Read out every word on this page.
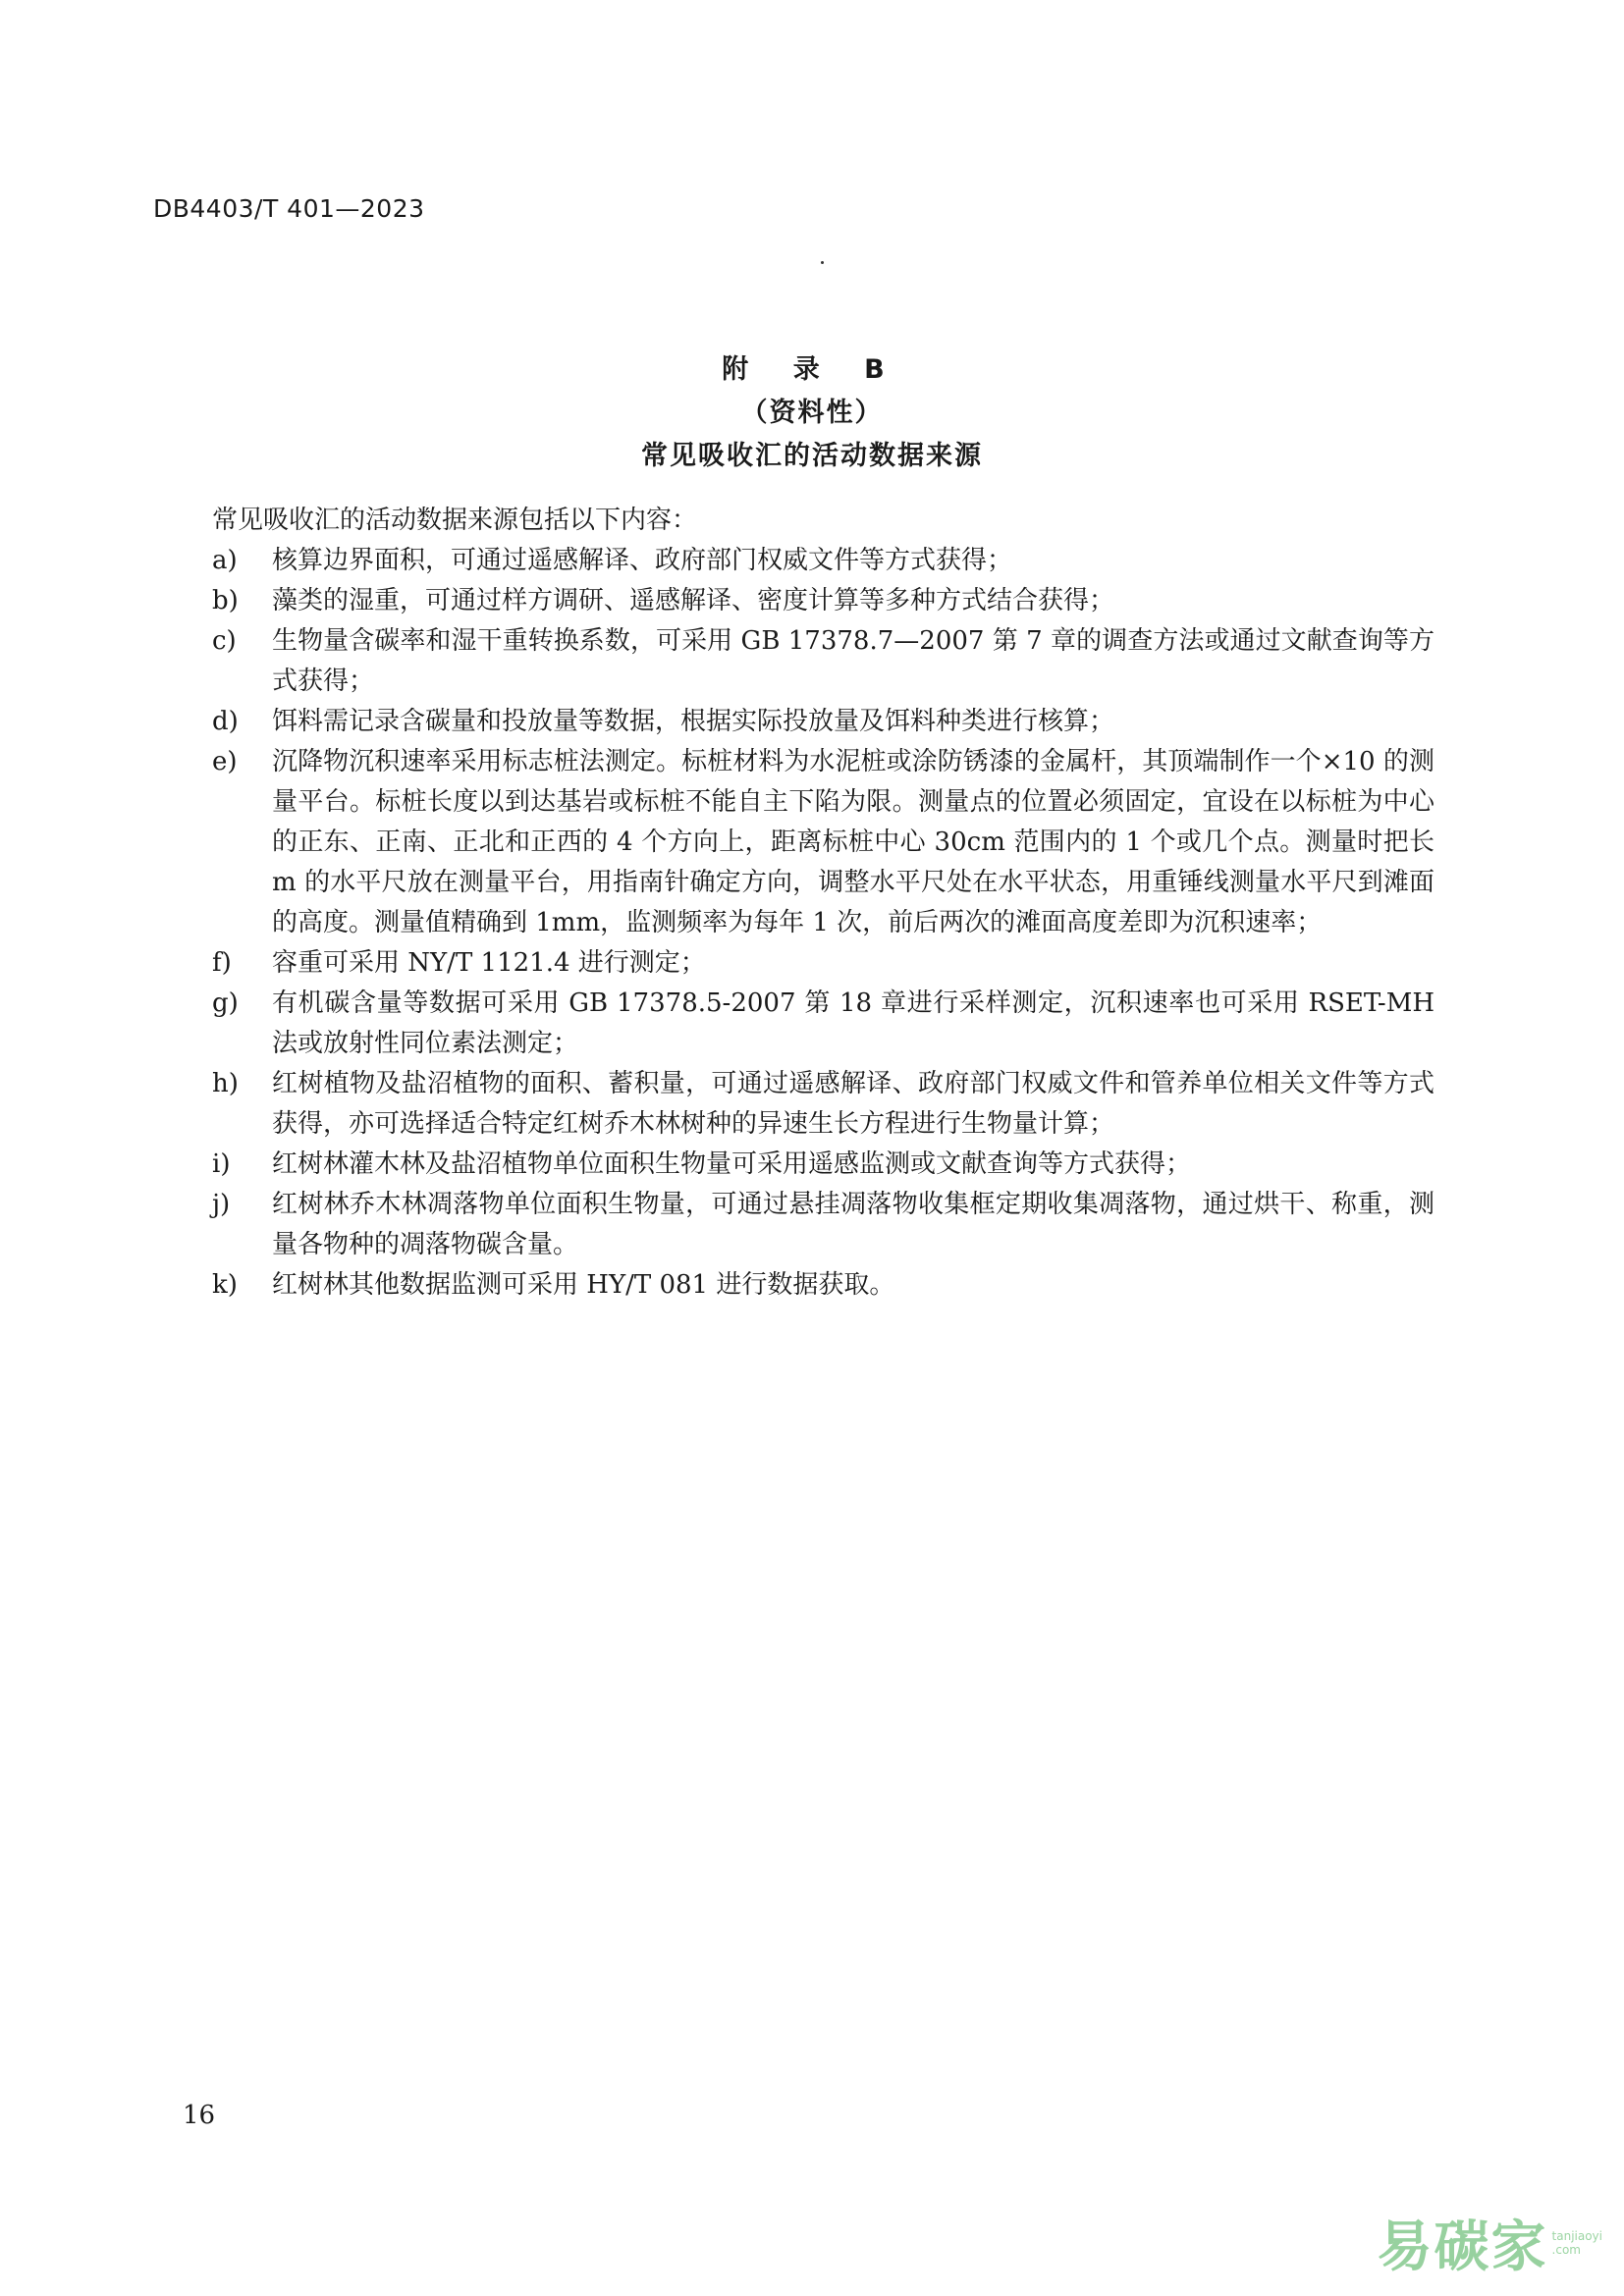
DB4403/T 401—2023
附 录 B
（资料性）
常见吸收汇的活动数据来源
常见吸收汇的活动数据来源包括以下内容：
a)	核算边界面积，可通过遥感解译、政府部门权威文件等方式获得；
b)	藻类的湿重，可通过样方调研、遥感解译、密度计算等多种方式结合获得；
c)	生物量含碳率和湿干重转换系数，可采用 GB 17378.7—2007 第 7 章的调查方法或通过文献查询等方式获得；
d)	饵料需记录含碳量和投放量等数据，根据实际投放量及饵料种类进行核算；
e)	沉降物沉积速率采用标志桩法测定。标桩材料为水泥桩或涂防锈漆的金属杆，其顶端制作一个×10 的测量平台。标桩长度以到达基岩或标桩不能自主下陷为限。测量点的位置必须固定，宜设在以标桩为中心的正东、正南、正北和正西的 4 个方向上，距离标桩中心 30cm 范围内的 1 个或几个点。测量时把长 m 的水平尺放在测量平台，用指南针确定方向，调整水平尺处在水平状态，用重锤线测量水平尺到滩面的高度。测量值精确到 1mm，监测频率为每年 1 次，前后两次的滩面高度差即为沉积速率；
f)	容重可采用 NY/T 1121.4 进行测定；
g)	有机碳含量等数据可采用 GB 17378.5-2007 第 18 章进行采样测定，沉积速率也可采用 RSET-MH 法或放射性同位素法测定；
h)	红树植物及盐沼植物的面积、蓄积量，可通过遥感解译、政府部门权威文件和管养单位相关文件等方式获得，亦可选择适合特定红树乔木林树种的异速生长方程进行生物量计算；
i)	红树林灌木林及盐沼植物单位面积生物量可采用遥感监测或文献查询等方式获得；
j)	红树林乔木林凋落物单位面积生物量，可通过悬挂凋落物收集框定期收集凋落物，通过烘干、称重，测量各物种的凋落物碳含量。
k)	红树林其他数据监测可采用 HY/T 081 进行数据获取。
16
易碳家 tanjiaoyi
.com
